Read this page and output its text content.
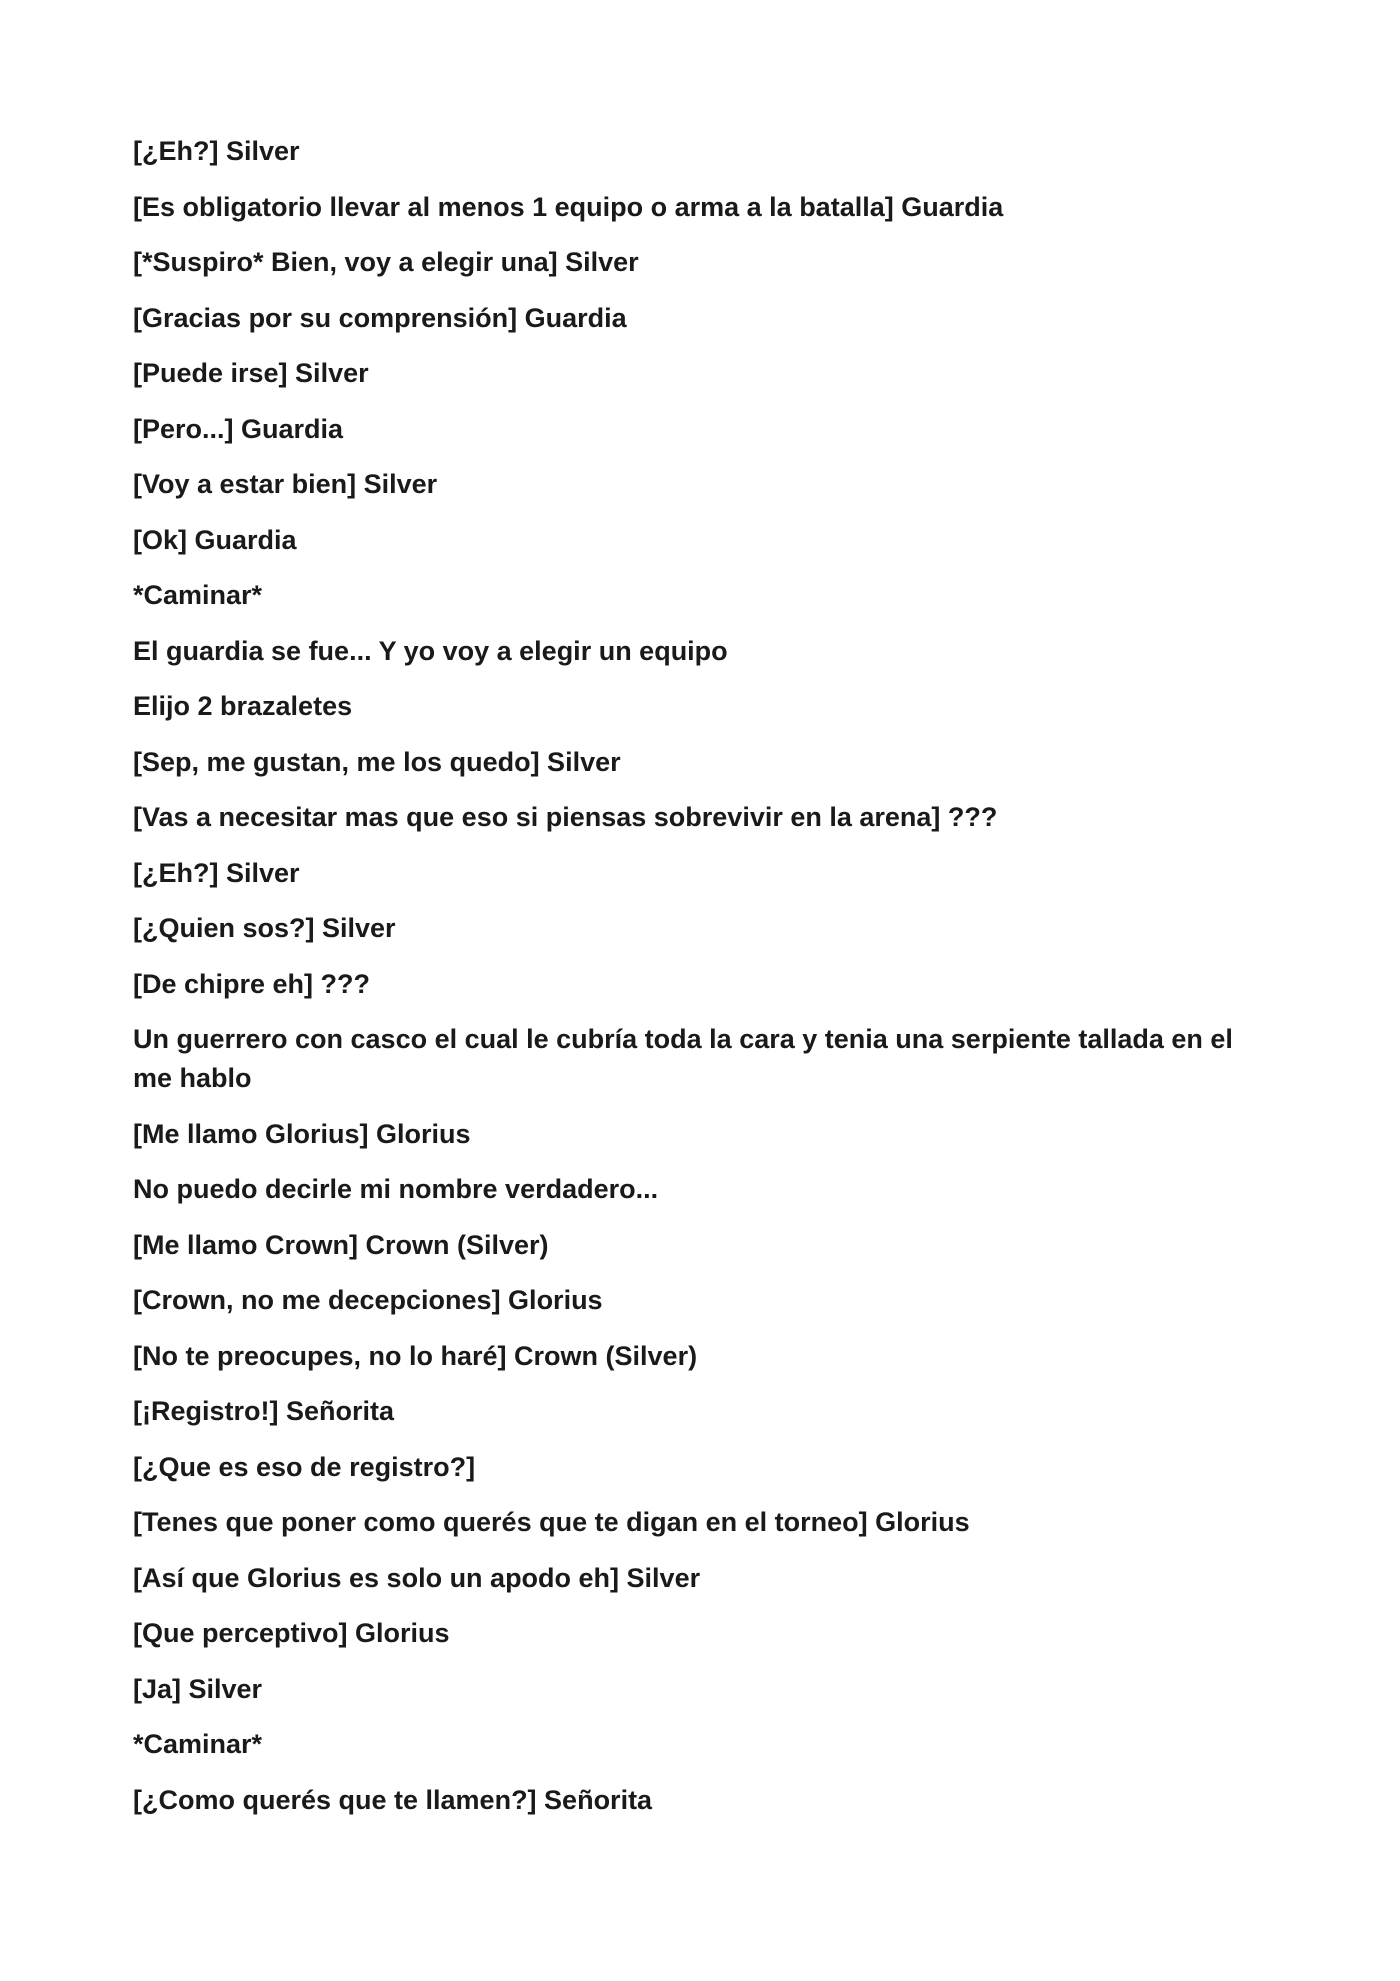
[¿Eh?] Silver

[Es obligatorio llevar al menos 1 equipo o arma a la batalla] Guardia

[*Suspiro* Bien, voy a elegir una] Silver

[Gracias por su comprensión] Guardia

[Puede irse] Silver

[Pero...] Guardia

[Voy a estar bien] Silver

[Ok] Guardia

*Caminar*

El guardia se fue... Y yo voy a elegir un equipo

Elijo 2 brazaletes

[Sep, me gustan, me los quedo] Silver

[Vas a necesitar mas que eso si piensas sobrevivir en la arena] ???

[¿Eh?] Silver

[¿Quien sos?] Silver

[De chipre eh] ???

Un guerrero con casco el cual le cubría toda la cara y tenia una serpiente tallada en el me hablo

[Me llamo Glorius] Glorius

No puedo decirle mi nombre verdadero...

[Me llamo Crown] Crown (Silver)

[Crown, no me decepciones] Glorius

[No te preocupes, no lo haré] Crown (Silver)

[¡Registro!] Señorita

[¿Que es eso de registro?]

[Tenes que poner como querés que te digan en el torneo] Glorius

[Así que Glorius es solo un apodo eh] Silver

[Que perceptivo] Glorius

[Ja] Silver

*Caminar*

[¿Como querés que te llamen?] Señorita
